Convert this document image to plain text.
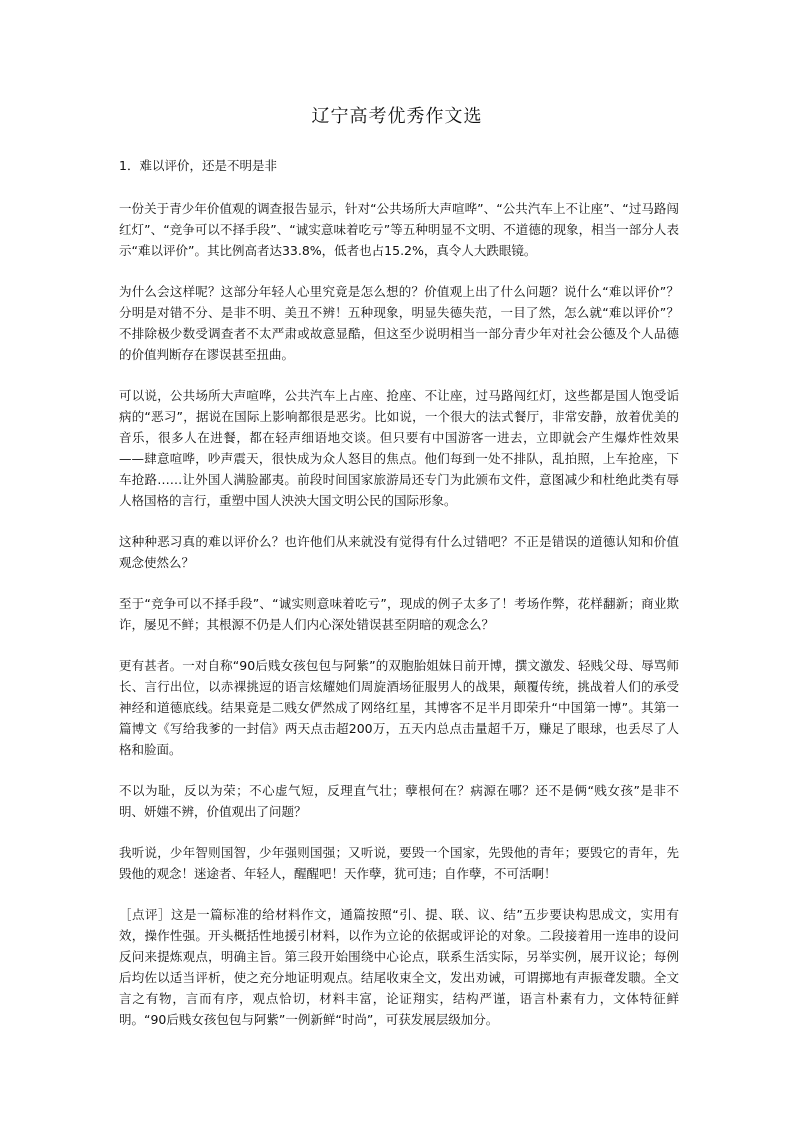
辽宁高考优秀作文选

1．难以评价，还是不明是非

一份关于青少年价值观的调查报告显示，针对“公共场所大声喧哗”、“公共汽车上不让座”、“过马路闯红灯”、“竞争可以不择手段”、“诚实意味着吃亏”等五种明显不文明、不道德的现象，相当一部分人表示“难以评价”。其比例高者达33.8%，低者也占15.2%，真令人大跌眼镜。

为什么会这样呢？这部分年轻人心里究竟是怎么想的？价值观上出了什么问题？说什么“难以评价”？分明是对错不分、是非不明、美丑不辨！五种现象，明显失德失范，一目了然，怎么就“难以评价”？不排除极少数受调查者不太严肃或故意显酷，但这至少说明相当一部分青少年对社会公德及个人品德的价值判断存在谬误甚至扭曲。

可以说，公共场所大声喧哗，公共汽车上占座、抢座、不让座，过马路闯红灯，这些都是国人饱受诟病的“恶习”，据说在国际上影响都很是恶劣。比如说，一个很大的法式餐厅，非常安静，放着优美的音乐，很多人在进餐，都在轻声细语地交谈。但只要有中国游客一进去，立即就会产生爆炸性效果——肆意喧哗，吵声震天，很快成为众人怒目的焦点。他们每到一处不排队，乱拍照，上车抢座，下车抢路……让外国人满脸鄙夷。前段时间国家旅游局还专门为此颁布文件，意图减少和杜绝此类有辱人格国格的言行，重塑中国人泱泱大国文明公民的国际形象。

这种种恶习真的难以评价么？也许他们从来就没有觉得有什么过错吧？不正是错误的道德认知和价值观念使然么？

至于“竞争可以不择手段”、“诚实则意味着吃亏”，现成的例子太多了！考场作弊，花样翻新；商业欺诈，屡见不鲜；其根源不仍是人们内心深处错误甚至阴暗的观念么？

更有甚者。一对自称“90后贱女孩包包与阿紫”的双胞胎姐妹日前开博，撰文激发、轻贱父母、辱骂师长、言行出位，以赤裸挑逗的语言炫耀她们周旋酒场征服男人的战果，颠覆传统，挑战着人们的承受神经和道德底线。结果竟是二贱女俨然成了网络红星，其博客不足半月即荣升“中国第一博”。其第一篇博文《写给我爹的一封信》两天点击超200万，五天内总点击量超千万，赚足了眼球，也丢尽了人格和脸面。

不以为耻，反以为荣；不心虚气短，反理直气壮；孽根何在？病源在哪？还不是俩“贱女孩”是非不明、妍媸不辨，价值观出了问题？

我听说，少年智则国智，少年强则国强；又听说，要毁一个国家，先毁他的青年；要毁它的青年，先毁他的观念！迷途者、年轻人，醒醒吧！天作孽，犹可违；自作孽，不可活啊！

［点评］这是一篇标准的给材料作文，通篇按照“引、提、联、议、结”五步要诀构思成文，实用有效，操作性强。开头概括性地援引材料，以作为立论的依据或评论的对象。二段接着用一连串的设问反问来提炼观点，明确主旨。第三段开始围绕中心论点，联系生活实际，另举实例，展开议论；每例后均佐以适当评析，使之充分地证明观点。结尾收束全文，发出劝诫，可谓掷地有声振聋发聩。全文言之有物，言而有序，观点恰切，材料丰富，论证翔实，结构严谨，语言朴素有力，文体特征鲜明。“90后贱女孩包包与阿紫”一例新鲜“时尚”，可获发展层级加分。
